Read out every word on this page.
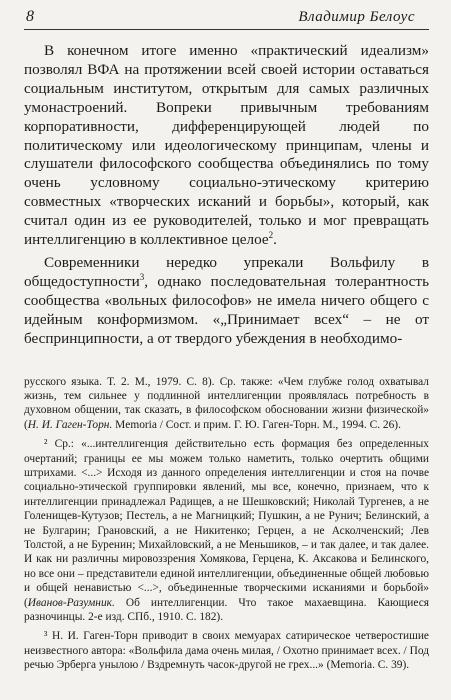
8	Владимир Белоус

В конечном итоге именно «практический идеализм» позволял ВФА на протяжении всей своей истории оставаться социальным институтом, открытым для самых различных умонастроений. Вопреки привычным требованиям корпоративности, дифференцирующей людей по политическому или идеологическому принципам, члены и слушатели философского сообщества объединялись по тому очень условному социально-этическому критерию совместных «творческих исканий и борьбы», который, как считал один из ее руководителей, только и мог превращать интеллигенцию в коллективное целое$^2$.

Современники нередко упрекали Вольфилу в общедоступности$^3$, однако последовательная толерантность сообщества «вольных философов» не имела ничего общего с идейным конформизмом. «„Принимает всех“ – не от беспринципности, а от твердого убеждения в необходимо-

русского языка. Т. 2. М., 1979. С. 8). Ср. также: «Чем глубже голод охватывал жизнь, тем сильнее у подлинной интеллигенции проявлялась потребность в духовном общении, так сказать, в философском обосновании жизни физической» (Н. И. Гаген-Торн. Memoria / Сост. и прим. Г. Ю. Гаген-Торн. М., 1994. С. 26).

² Ср.: «...интеллигенция действительно есть формация без определенных очертаний; границы ее мы можем только наметить, только очертить общими штрихами. <...> Исходя из данного определения интеллигенции и стоя на почве социально-этической группировки явлений, мы все, конечно, признаем, что к интеллигенции принадлежал Радищев, а не Шешковский; Николай Тургенев, а не Голенищев-Кутузов; Пестель, а не Магницкий; Пушкин, а не Рунич; Белинский, а не Булгарин; Грановский, а не Никитенко; Герцен, а не Асколченский; Лев Толстой, а не Буренин; Михайловский, а не Меньшиков, – и так далее, и так далее. И как ни различны мировоззрения Хомякова, Герцена, К. Аксакова и Белинского, но все они – представители единой интеллигенции, объединенные общей любовью и общей ненавистью <...>, объединенные творческими исканиями и борьбой» (Иванов-Разумник. Об интеллигенции. Что такое махаевщина. Кающиеся разночинцы. 2-е изд. СПб., 1910. С. 182).

³ Н. И. Гаген-Торн приводит в своих мемуарах сатирическое четверостишие неизвестного автора: «Вольфила дама очень милая, / Охотно принимает всех. / Под речью Эрберга унылою / Вздремнуть часок-другой не грех...» (Memoria. С. 39).
